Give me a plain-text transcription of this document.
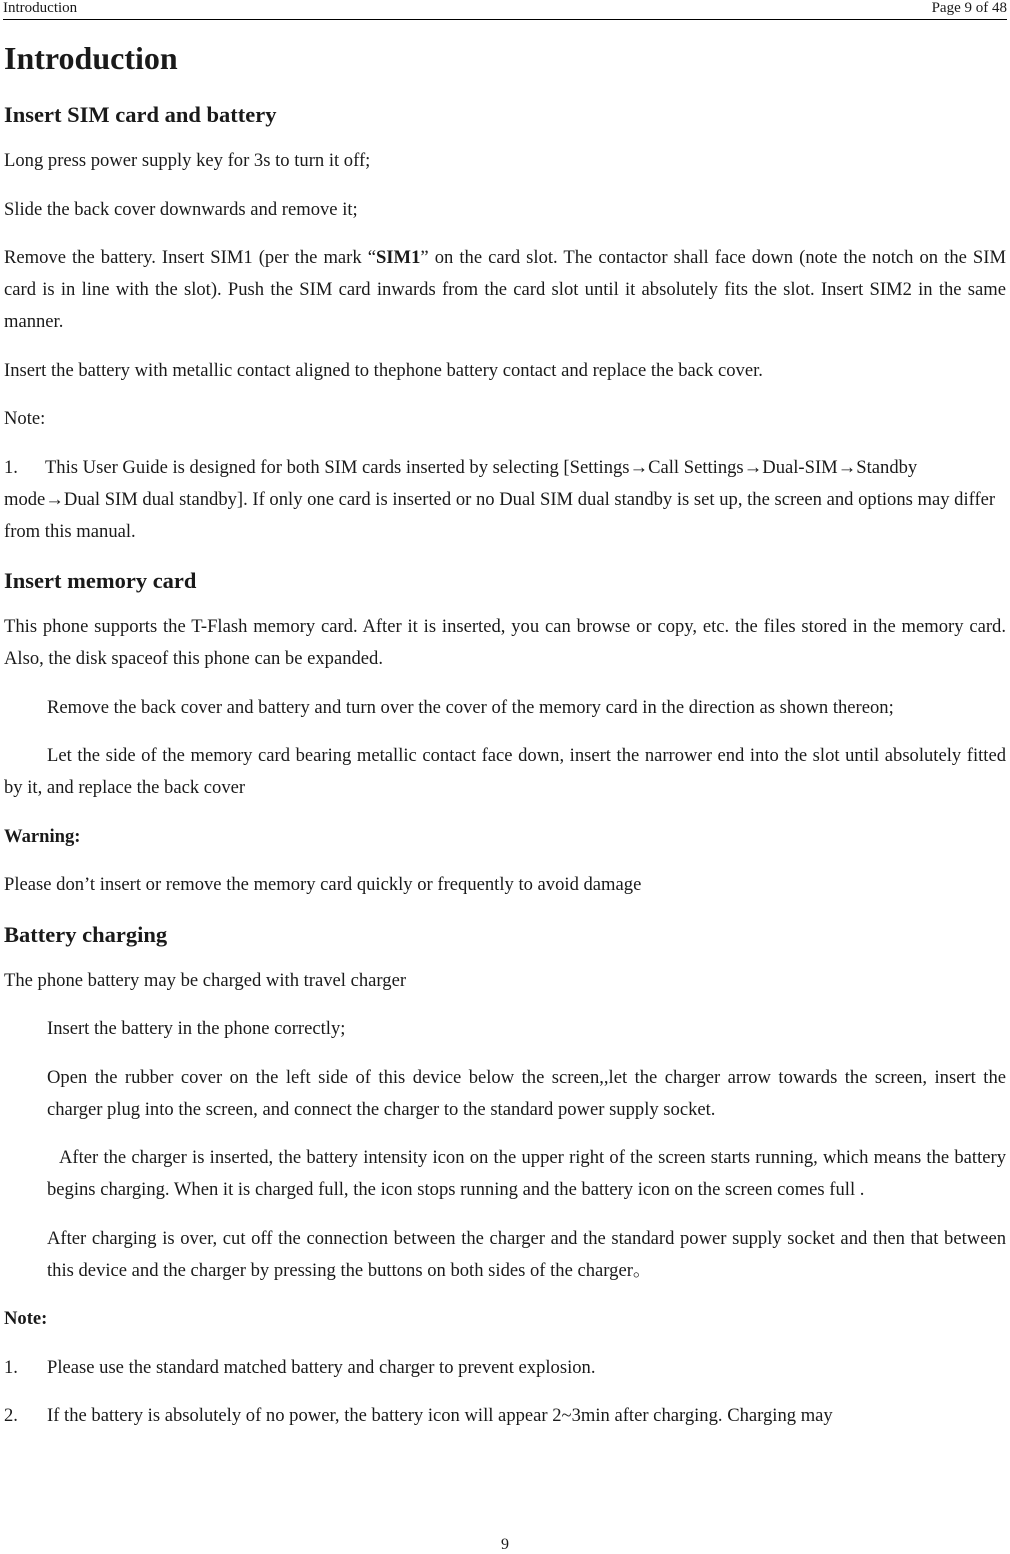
Introduction	Page 9 of 48
Introduction
Insert SIM card and battery

Long press power supply key for 3s to turn it off;

Slide the back cover downwards and remove it;

Remove the battery. Insert SIM1 (per the mark “SIM1” on the card slot. The contactor shall face down (note the notch on the SIM card is in line with the slot). Push the SIM card inwards from the card slot until it absolutely fits the slot. Insert SIM2 in the same manner.

Insert the battery with metallic contact aligned to thephone battery contact and replace the back cover.

Note:

1. This User Guide is designed for both SIM cards inserted by selecting [Settings→Call Settings→Dual-SIM→Standby mode→Dual SIM dual standby]. If only one card is inserted or no Dual SIM dual standby is set up, the screen and options may differ from this manual.

Insert memory card

This phone supports the T-Flash memory card. After it is inserted, you can browse or copy, etc. the files stored in the memory card. Also, the disk spaceof this phone can be expanded.

Remove the back cover and battery and turn over the cover of the memory card in the direction as shown thereon;

Let the side of the memory card bearing metallic contact face down, insert the narrower end into the slot until absolutely fitted by it, and replace the back cover

Warning:

Please don’t insert or remove the memory card quickly or frequently to avoid damage

Battery charging

The phone battery may be charged with travel charger

Insert the battery in the phone correctly;

Open the rubber cover on the left side of this device below the screen,,let the charger arrow towards the screen, insert the charger plug into the screen, and connect the charger to the standard power supply socket.

After the charger is inserted, the battery intensity icon on the upper right of the screen starts running, which means the battery begins charging. When it is charged full, the icon stops running and the battery icon on the screen comes full .

After charging is over, cut off the connection between the charger and the standard power supply socket and then that between this device and the charger by pressing the buttons on both sides of the charger。

Note:

1. Please use the standard matched battery and charger to prevent explosion.

2. If the battery is absolutely of no power, the battery icon will appear 2~3min after charging. Charging may

9
